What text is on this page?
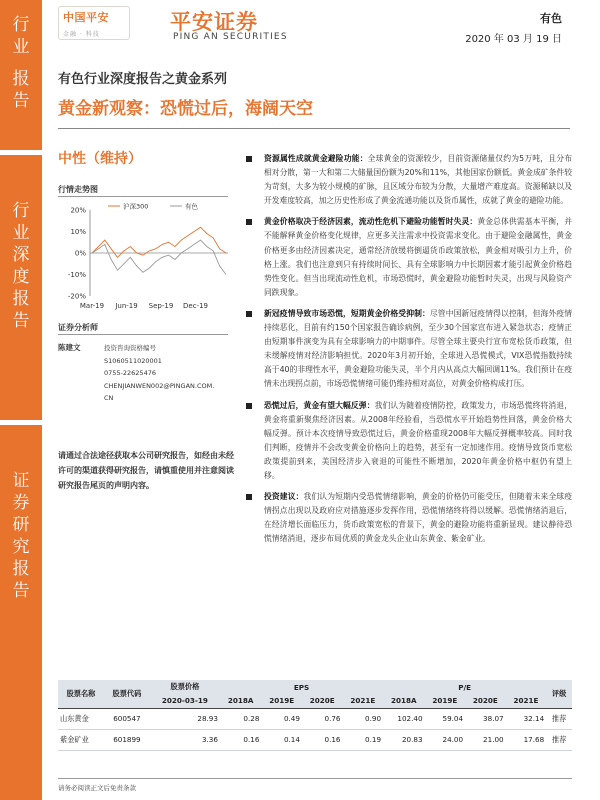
行
业
报
告
行
业
深
度
报
告
证
券
研
究
报
告
中国平安
金融 · 科技
平安证券
PING AN SECURITIES
有色
2020 年 03 月 19 日
有色行业深度报告之黄金系列
黄金新观察：恐慌过后，海阔天空
中性（维持）
行情走势图
20%
10%
0%
-10%
-20%
Mar-19 Jun-19 Sep-19 Dec-19
沪深300	有色
证券分析师
陈建文	投资咨询资格编号
S1060511020001
0755-22625476
CHENJIANWEN002@PINGAN.COM.
CN
请通过合法途径获取本公司研究报告，如经由未经许可的渠道获得研究报告，请慎重使用并注意阅读研究报告尾页的声明内容。
资源属性成就黄金避险功能：全球黄金的资源较少，目前资源储量仅约为5万吨，且分布相对分散，第一大和第二大储量国份额为20%和11%，其他国家份额低。黄金成矿条件较为苛刻，大多为较小规模的矿脉，且区域分布较为分散，大量增产难度高。资源稀缺以及开发难度较高，加之历史性形成了黄金流通功能以及货币属性，成就了黄金的避险功能。
黄金价格取决于经济因素，流动性危机下避险功能暂时失灵：黄金总体供需基本平衡，并不能解释黄金价格变化规律，应更多关注需求中投资需求变化。由于避险金融属性，黄金价格更多由经济因素决定，通常经济放缓将倒逼货币政策放松，黄金相对吸引力上升，价格上涨。我们也注意到只有持续时间长、具有全球影响力中长期因素才能引起黄金价格趋势性变化。但当出现流动性危机，市场恐慌时，黄金避险功能暂时失灵，出现与风险资产同跌现象。
新冠疫情导致市场恐慌，短期黄金价格受抑制：尽管中国新冠疫情得以控制，但海外疫情持续恶化，目前有约150个国家报告确诊病例，至少30个国家宣布进入紧急状态；疫情正由短期事件演变为具有全球影响力的中期事件。尽管全球主要央行宣布宽松货币政策，但未缓解疫情对经济影响担忧。2020年3月初开始，全球进入恐慌模式，VIX恐慌指数持续高于40的非理性水平，黄金避险功能失灵，半个月内从高点大幅回调11%。我们预计在疫情未出现拐点前，市场恐慌情绪可能仍维持相对高位，对黄金价格构成打压。
恐慌过后，黄金有望大幅反弹：我们认为随着疫情防控，政策发力，市场恐慌终将消退，黄金将重新聚焦经济因素。从2008年经验看，当恐慌水平开始趋势性回落，黄金价格大幅反弹。预计本次疫情导致恐慌过后，黄金价格重现2008年大幅反弹概率较高。同时我们判断，疫情并不会改变黄金价格向上的趋势，甚至有一定加速作用。疫情导致货币宽松政策提前到来，美国经济步入衰退的可能性不断增加，2020年黄金价格中枢仍有望上移。
投资建议：我们认为短期内受恐慌情绪影响，黄金的价格仍可能受压，但随着未来全球疫情拐点出现以及政府应对措施逐步发挥作用，恐慌情绪终将得以缓解。恐慌情绪消退后，在经济增长面临压力，货币政策宽松的背景下，黄金的避险功能将重新显现。建议静待恐慌情绪消退，逐步布局优质的黄金龙头企业山东黄金、紫金矿业。
股票名称	股票代码	股票价格	EPS				P/E				评级
		2020-03-19	2018A	2019E	2020E	2021E	2018A	2019E	2020E	2021E	
山东黄金	600547	28.93	0.28	0.49	0.76	0.90	102.40	59.04	38.07	32.14	推荐
紫金矿业	601899	3.36	0.16	0.14	0.16	0.19	20.83	24.00	21.00	17.68	推荐
请务必阅读正文后免责条款
